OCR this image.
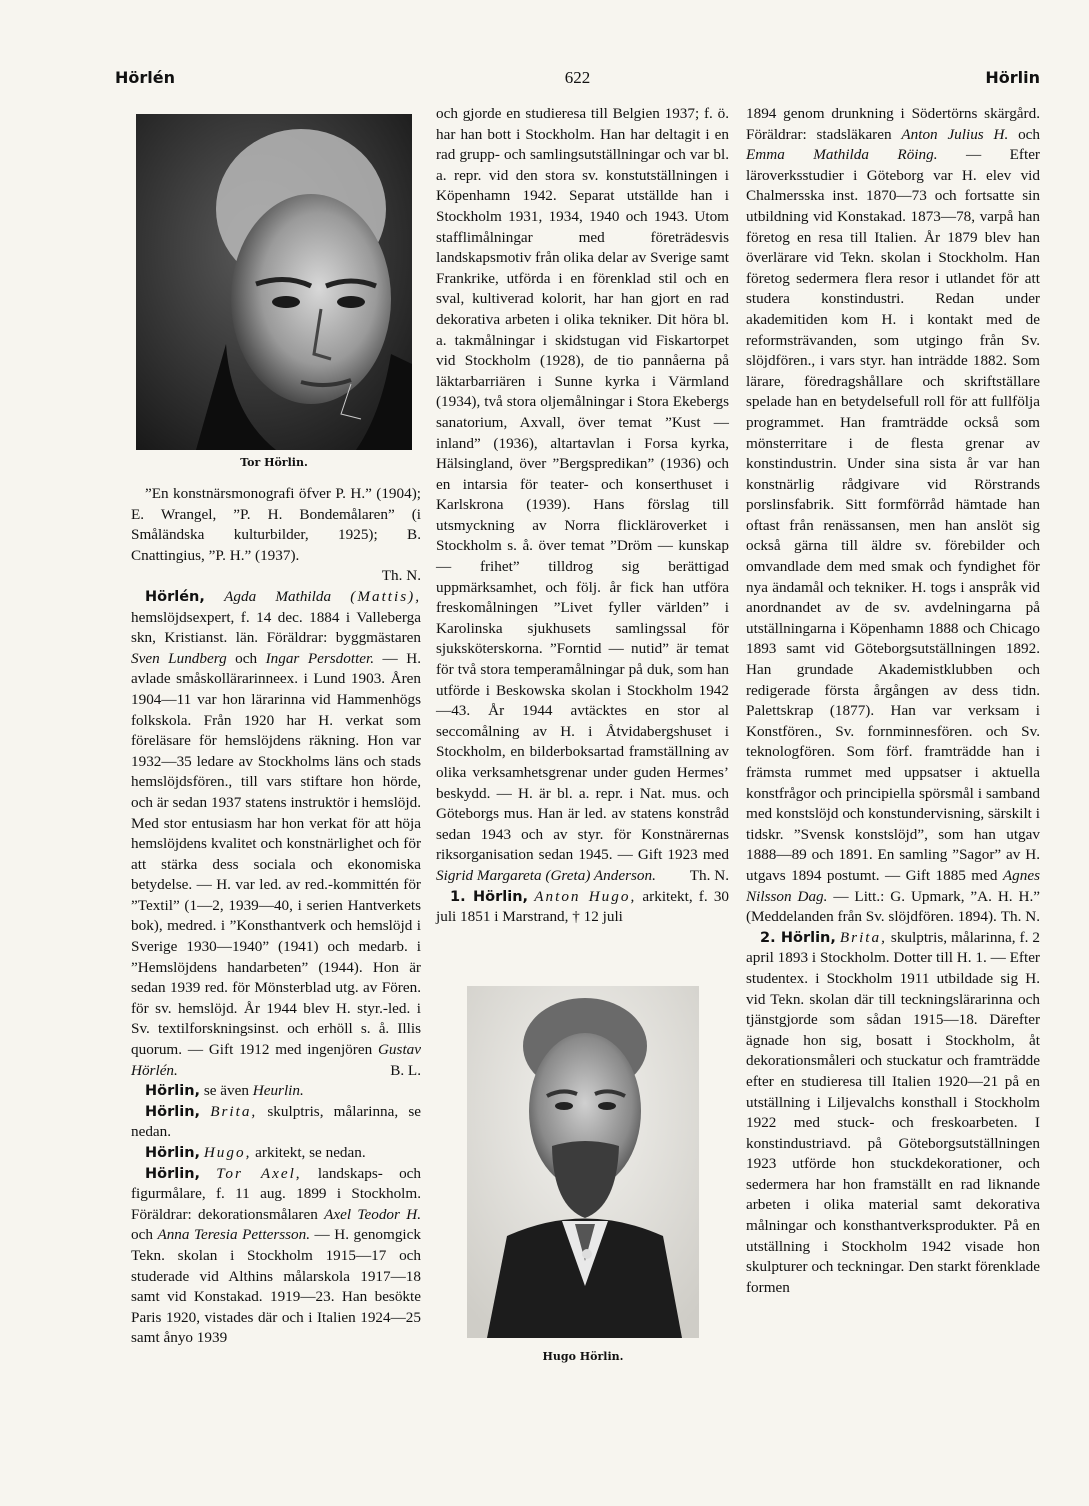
Hörlén	622	Hörlin
Tor Hörlin.
Hugo Hörlin.

”En konstnärsmonografi öfver P. H.” (1904); E. Wrangel, ”P. H. Bondemålaren” (i Småländska kulturbilder, 1925); B. Cnattingius, ”P. H.” (1937).

Th. N.

Hörlén, Agda Mathilda (Mattis), hemslöjdsexpert, f. 14 dec. 1884 i Valleberga skn, Kristianst. län. Föräldrar: byggmästaren Sven Lundberg och Ingar Persdotter. — H. avlade småskollärarinneex. i Lund 1903. Åren 1904—11 var hon lärarinna vid Hammenhögs folkskola. Från 1920 har H. verkat som föreläsare för hemslöjdens räkning. Hon var 1932—35 ledare av Stockholms läns och stads hemslöjdsfören., till vars stiftare hon hörde, och är sedan 1937 statens instruktör i hemslöjd. Med stor entusiasm har hon verkat för att höja hemslöjdens kvalitet och konstnärlighet och för att stärka dess sociala och ekonomiska betydelse. — H. var led. av red.-kommittén för ”Textil” (1—2, 1939—40, i serien Hantverkets bok), medred. i ”Konsthantverk och hemslöjd i Sverige 1930—1940” (1941) och medarb. i ”Hemslöjdens handarbeten” (1944). Hon är sedan 1939 red. för Mönsterblad utg. av Fören. för sv. hemslöjd. År 1944 blev H. styr.-led. i Sv. textilforskningsinst. och erhöll s. å. Illis quorum. — Gift 1912 med ingenjören Gustav Hörlén.	B. L.

Hörlin, se även Heurlin.

Hörlin, Brita, skulptris, målarinna, se nedan.

Hörlin, Hugo, arkitekt, se nedan.

Hörlin, Tor Axel, landskaps- och figurmålare, f. 11 aug. 1899 i Stockholm. Föräldrar: dekorationsmålaren Axel Teodor H. och Anna Teresia Pettersson. — H. genomgick Tekn. skolan i Stockholm 1915—17 och studerade vid Althins målarskola 1917—18 samt vid Konstakad. 1919—23. Han besökte Paris 1920, vistades där och i Italien 1924—25 samt ånyo 1939

och gjorde en studieresa till Belgien 1937; f. ö. har han bott i Stockholm. Han har deltagit i en rad grupp- och samlingsutställningar och var bl. a. repr. vid den stora sv. konstutställningen i Köpenhamn 1942. Separat utställde han i Stockholm 1931, 1934, 1940 och 1943. Utom stafflimålningar med företrädesvis landskapsmotiv från olika delar av Sverige samt Frankrike, utförda i en förenklad stil och en sval, kultiverad kolorit, har han gjort en rad dekorativa arbeten i olika tekniker. Dit höra bl. a. takmålningar i skidstugan vid Fiskartorpet vid Stockholm (1928), de tio pannåerna på läktarbarriären i Sunne kyrka i Värmland (1934), två stora oljemålningar i Stora Ekebergs sanatorium, Axvall, över temat ”Kust — inland” (1936), altartavlan i Forsa kyrka, Hälsingland, över ”Bergspredikan” (1936) och en intarsia för teater- och konserthuset i Karlskrona (1939). Hans förslag till utsmyckning av Norra flickläroverket i Stockholm s. å. över temat ”Dröm — kunskap — frihet” tilldrog sig berättigad uppmärksamhet, och följ. år fick han utföra freskomålningen ”Livet fyller världen” i Karolinska sjukhusets samlingssal för sjuksköterskorna. ”Forntid — nutid” är temat för två stora temperamålningar på duk, som han utförde i Beskowska skolan i Stockholm 1942—43. År 1944 avtäcktes en stor al seccomålning av H. i Åtvidabergshuset i Stockholm, en bilderboksartad framställning av olika verksamhetsgrenar under guden Hermes’ beskydd. — H. är bl. a. repr. i Nat. mus. och Göteborgs mus. Han är led. av statens konstråd sedan 1943 och av styr. för Konstnärernas riksorganisation sedan 1945. — Gift 1923 med Sigrid Margareta (Greta) Anderson. Th. N.

1. Hörlin, Anton Hugo, arkitekt, f. 30 juli 1851 i Marstrand, † 12 juli

1894 genom drunkning i Södertörns skärgård. Föräldrar: stadsläkaren Anton Julius H. och Emma Mathilda Röing. — Efter läroverksstudier i Göteborg var H. elev vid Chalmersska inst. 1870—73 och fortsatte sin utbildning vid Konstakad. 1873—78, varpå han företog en resa till Italien. År 1879 blev han överlärare vid Tekn. skolan i Stockholm. Han företog sedermera flera resor i utlandet för att studera konstindustri. Redan under akademitiden kom H. i kontakt med de reformsträvanden, som utgingo från Sv. slöjdfören., i vars styr. han inträdde 1882. Som lärare, föredragshållare och skriftställare spelade han en betydelsefull roll för att fullfölja programmet. Han framträdde också som mönsterritare i de flesta grenar av konstindustrin. Under sina sista år var han konstnärlig rådgivare vid Rörstrands porslinsfabrik. Sitt formförråd hämtade han oftast från renässansen, men han anslöt sig också gärna till äldre sv. förebilder och omvandlade dem med smak och fyndighet för nya ändamål och tekniker. H. togs i anspråk vid anordnandet av de sv. avdelningarna på utställningarna i Köpenhamn 1888 och Chicago 1893 samt vid Göteborgsutställningen 1892. Han grundade Akademistklubben och redigerade första årgången av dess tidn. Palettskrap (1877). Han var verksam i Konstfören., Sv. fornminnesfören. och Sv. teknologfören. Som förf. framträdde han i främsta rummet med uppsatser i aktuella konstfrågor och principiella spörsmål i samband med konstslöjd och konstundervisning, särskilt i tidskr. ”Svensk konstslöjd”, som han utgav 1888—89 och 1891. En samling ”Sagor” av H. utgavs 1894 postumt. — Gift 1885 med Agnes Nilsson Dag. — Litt.: G. Upmark, ”A. H. H.” (Meddelanden från Sv. slöjdfören. 1894). Th. N.

2. Hörlin, Brita, skulptris, målarinna, f. 2 april 1893 i Stockholm. Dotter till H. 1. — Efter studentex. i Stockholm 1911 utbildade sig H. vid Tekn. skolan där till teckningslärarinna och tjänstgjorde som sådan 1915—18. Därefter ägnade hon sig, bosatt i Stockholm, åt dekorationsmåleri och stuckatur och framträdde efter en studieresa till Italien 1920—21 på en utställning i Liljevalchs konsthall i Stockholm 1922 med stuck- och freskoarbeten. I konstindustriavd. på Göteborgsutställningen 1923 utförde hon stuckdekorationer, och sedermera har hon framställt en rad liknande arbeten i olika material samt dekorativa målningar och konsthantverksprodukter. På en utställning i Stockholm 1942 visade hon skulpturer och teckningar. Den starkt förenklade formen
